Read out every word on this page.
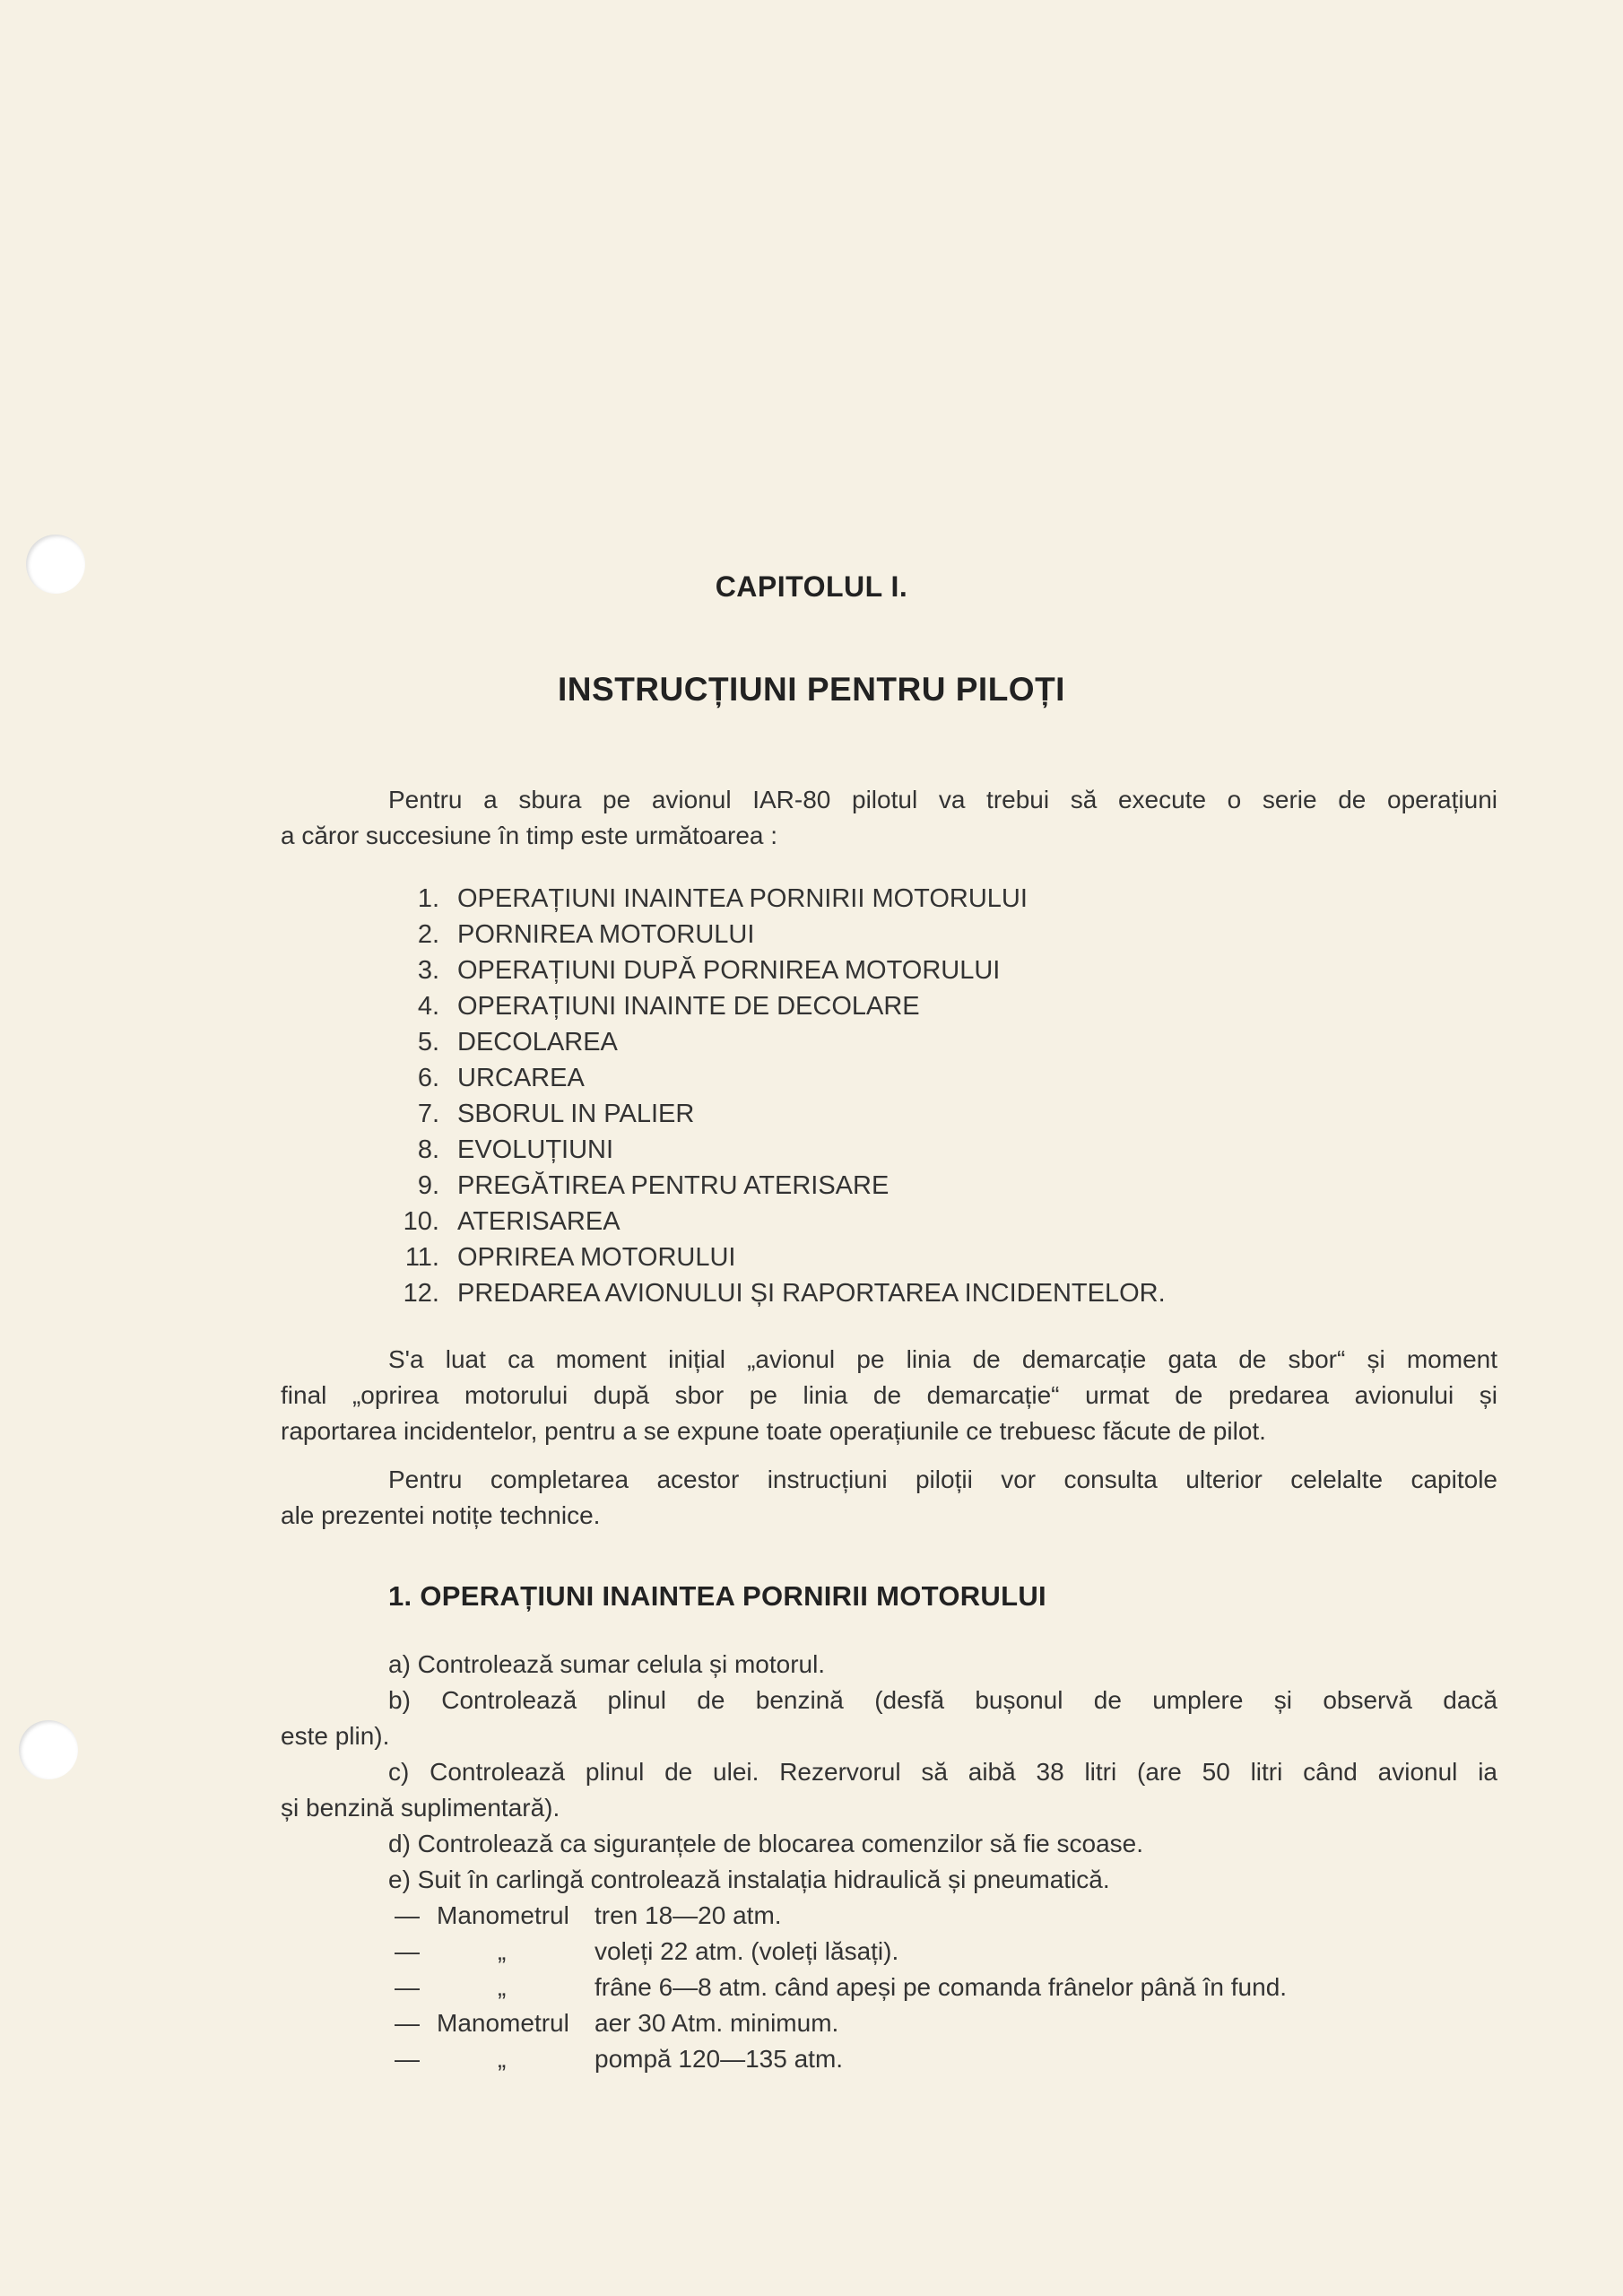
CAPITOLUL I.
INSTRUCȚIUNI PENTRU PILOȚI
Pentru a sbura pe avionul IAR-80 pilotul va trebui să execute o serie de operațiuni
a căror succesiune în timp este următoarea :
1. OPERAȚIUNI INAINTEA PORNIRII MOTORULUI
2. PORNIREA MOTORULUI
3. OPERAȚIUNI DUPĂ PORNIREA MOTORULUI
4. OPERAȚIUNI INAINTE DE DECOLARE
5. DECOLAREA
6. URCAREA
7. SBORUL IN PALIER
8. EVOLUȚIUNI
9. PREGĂTIREA PENTRU ATERISARE
10. ATERISAREA
11. OPRIREA MOTORULUI
12. PREDAREA AVIONULUI ȘI RAPORTAREA INCIDENTELOR.
S'a luat ca moment inițial „avionul pe linia de demarcație gata de sbor“ și moment
final „oprirea motorului după sbor pe linia de demarcație“ urmat de predarea avionului și
raportarea incidentelor, pentru a se expune toate operațiunile ce trebuesc făcute de pilot.
Pentru completarea acestor instrucțiuni piloții vor consulta ulterior celelalte capitole
ale prezentei notițe technice.
1. OPERAȚIUNI INAINTEA PORNIRII MOTORULUI
a) Controlează sumar celula și motorul.
b) Controlează plinul de benzină (desfă bușonul de umplere și observă dacă
este plin).
c) Controlează plinul de ulei. Rezervorul să aibă 38 litri (are 50 litri când avionul ia
și benzină suplimentară).
d) Controlează ca siguranțele de blocarea comenzilor să fie scoase.
e) Suit în carlingă controlează instalația hidraulică și pneumatică.
— Manometrul tren 18—20 atm.
—	„	voleți 22 atm. (voleți lăsați).
—	„	frâne 6—8 atm. când apeși pe comanda frânelor până în fund.
— Manometrul aer 30 Atm. minimum.
—	„	pompă 120—135 atm.
